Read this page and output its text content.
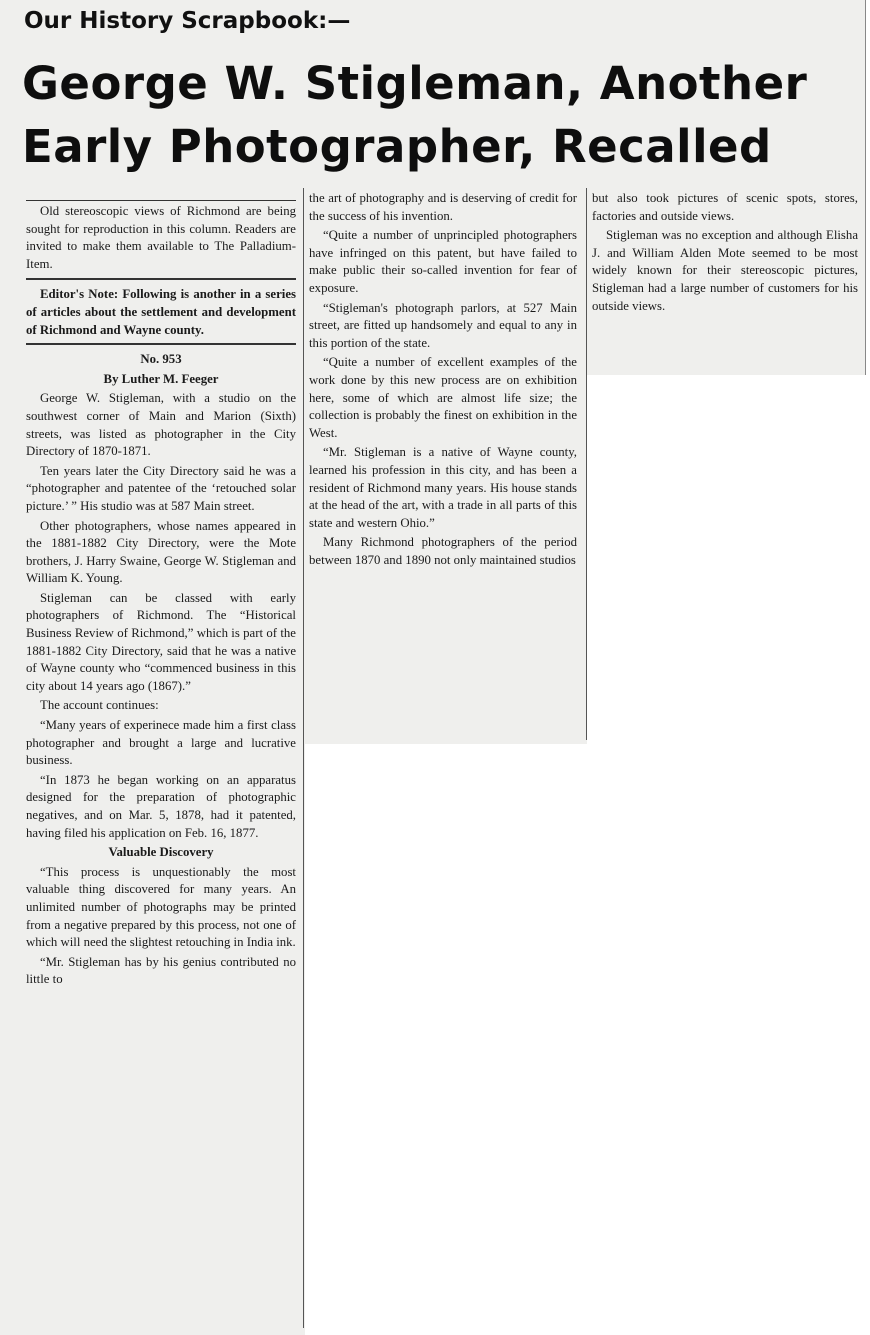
Our History Scrapbook:—
George W. Stigleman, Another
Early Photographer, Recalled

Old stereoscopic views of Richmond are being sought for reproduction in this column. Readers are invited to make them available to The Palladium-Item.

Editor's Note: Following is another in a series of articles about the settlement and development of Richmond and Wayne county.

No. 953

By Luther M. Feeger

George W. Stigleman, with a studio on the southwest corner of Main and Marion (Sixth) streets, was listed as photographer in the City Directory of 1870-1871.

Ten years later the City Directory said he was a “photographer and patentee of the ‘retouched solar picture.’ ” His studio was at 587 Main street.

Other photographers, whose names appeared in the 1881-1882 City Directory, were the Mote brothers, J. Harry Swaine, George W. Stigleman and William K. Young.

Stigleman can be classed with early photographers of Richmond. The “Historical Business Review of Richmond,” which is part of the 1881-1882 City Directory, said that he was a native of Wayne county who “commenced business in this city about 14 years ago (1867).”

The account continues:

“Many years of experinece made him a first class photographer and brought a large and lucrative business.

“In 1873 he began working on an apparatus designed for the preparation of photographic negatives, and on Mar. 5, 1878, had it patented, having filed his application on Feb. 16, 1877.

Valuable Discovery

“This process is unquestionably the most valuable thing discovered for many years. An unlimited number of photographs may be printed from a negative prepared by this process, not one of which will need the slightest retouching in India ink.

“Mr. Stigleman has by his genius contributed no little to

the art of photography and is deserving of credit for the success of his invention.

“Quite a number of unprincipled photographers have infringed on this patent, but have failed to make public their so-called invention for fear of exposure.

“Stigleman's photograph parlors, at 527 Main street, are fitted up handsomely and equal to any in this portion of the state.

“Quite a number of excellent examples of the work done by this new process are on exhibition here, some of which are almost life size; the collection is probably the finest on exhibition in the West.

“Mr. Stigleman is a native of Wayne county, learned his profession in this city, and has been a resident of Richmond many years. His house stands at the head of the art, with a trade in all parts of this state and western Ohio.”

Many Richmond photographers of the period between 1870 and 1890 not only maintained studios

but also took pictures of scenic spots, stores, factories and outside views.

Stigleman was no exception and although Elisha J. and William Alden Mote seemed to be most widely known for their stereoscopic pictures, Stigleman had a large number of customers for his outside views.
